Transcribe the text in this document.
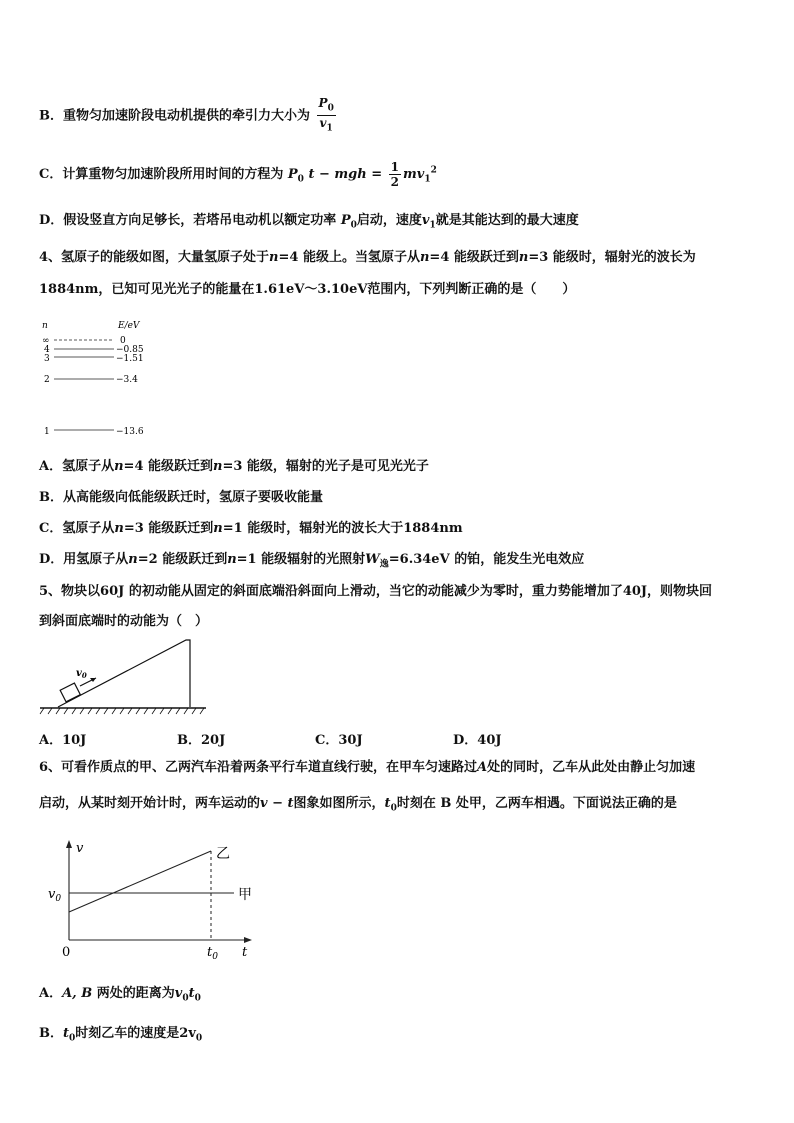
B．重物匀加速阶段电动机提供的牵引力大小为 $\frac{P_0}{v_1}$
C．计算重物匀加速阶段所用时间的方程为 $P_0$ t − mgh = $\frac{1}{2} mv_1^2$
D．假设竖直方向足够长，若塔吊电动机以额定功率 $P_0$启动，速度$v_1$就是其能达到的最大速度
4、氢原子的能级如图，大量氢原子处于n=4 能级上。当氢原子从n=4 能级跃迁到n=3 能级时，辐射光的波长为
1884nm，已知可见光光子的能量在1.61eV～3.10eV范围内，下列判断正确的是（　　）
n	E/eV
∞	0
4	−0.85
3	−1.51
2	−3.4
1	−13.6
A．氢原子从n=4 能级跃迁到n=3 能级，辐射的光子是可见光光子
B．从高能级向低能级跃迁时，氢原子要吸收能量
C．氢原子从n=3 能级跃迁到n=1 能级时，辐射光的波长大于1884nm
D．用氢原子从n=2 能级跃迁到n=1 能级辐射的光照射$W_逸=6.34eV$ 的铂，能发生光电效应
5、物块以60J 的初动能从固定的斜面底端沿斜面向上滑动，当它的动能减少为零时，重力势能增加了40J，则物块回
到斜面底端时的动能为（　）
$v_0$
A．10J	B．20J	C．30J	D．40J
6、可看作质点的甲、乙两汽车沿着两条平行车道直线行驶，在甲车匀速路过A处的同时，乙车从此处由静止匀加速
启动，从某时刻开始计时，两车运动的v − t图象如图所示，$t_0$时刻在 B 处甲，乙两车相遇。下面说法正确的是
v
t
0
$v_0$
$t_0$
甲
乙
A．A, B 两处的距离为$v_0t_0$
B．$t_0$时刻乙车的速度是$2v_0$
